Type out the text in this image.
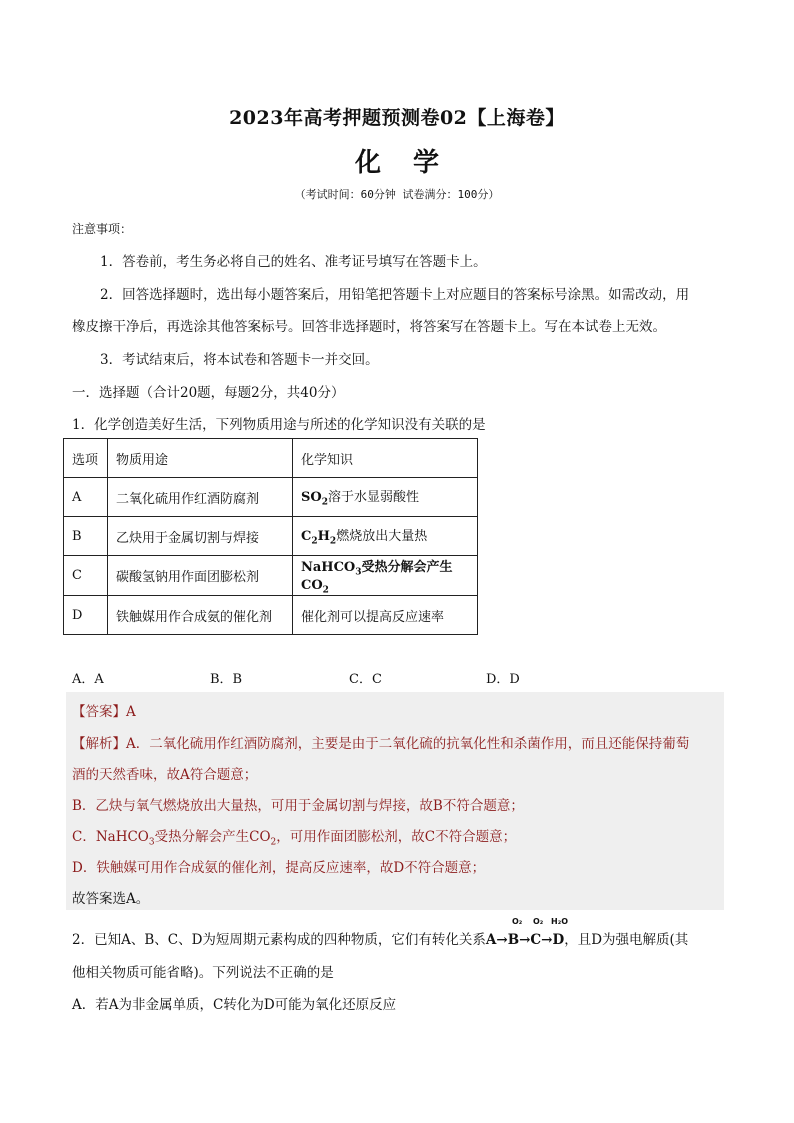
2023年高考押题预测卷02【上海卷】
化学
（考试时间：60分钟 试卷满分：100分）
注意事项：
1．答卷前，考生务必将自己的姓名、准考证号填写在答题卡上。
2．回答选择题时，选出每小题答案后，用铅笔把答题卡上对应题目的答案标号涂黑。如需改动，用
橡皮擦干净后，再选涂其他答案标号。回答非选择题时，将答案写在答题卡上。写在本试卷上无效。
3．考试结束后，将本试卷和答题卡一并交回。
一．选择题（合计20题，每题2分，共40分）
1．化学创造美好生活，下列物质用途与所述的化学知识没有关联的是
选项	物质用途	化学知识
A	二氧化硫用作红酒防腐剂	$SO_2$溶于水显弱酸性
B	乙炔用于金属切割与焊接	$C_2H_2$燃烧放出大量热
C	碳酸氢钠用作面团膨松剂	NaHCO$_3$受热分解会产生$CO_2$
D	铁触媒用作合成氨的催化剂	催化剂可以提高反应速率
A．A	B．B	C．C	D．D
【答案】A
【解析】A．二氧化硫用作红酒防腐剂，主要是由于二氧化硫的抗氧化性和杀菌作用，而且还能保持葡萄
酒的天然香味，故A符合题意；
B．乙炔与氧气燃烧放出大量热，可用于金属切割与焊接，故B不符合题意；
C．NaHCO$_3$受热分解会产生$CO_2$，可用作面团膨松剂，故C不符合题意；
D．铁触媒可用作合成氨的催化剂，提高反应速率，故D不符合题意；
故答案选A。
O₂ O₂ H₂O
2．已知A、B、C、D为短周期元素构成的四种物质，它们有转化关系A→B→C→D，且D为强电解质(其
他相关物质可能省略)。下列说法不正确的是
A．若A为非金属单质，C转化为D可能为氧化还原反应
